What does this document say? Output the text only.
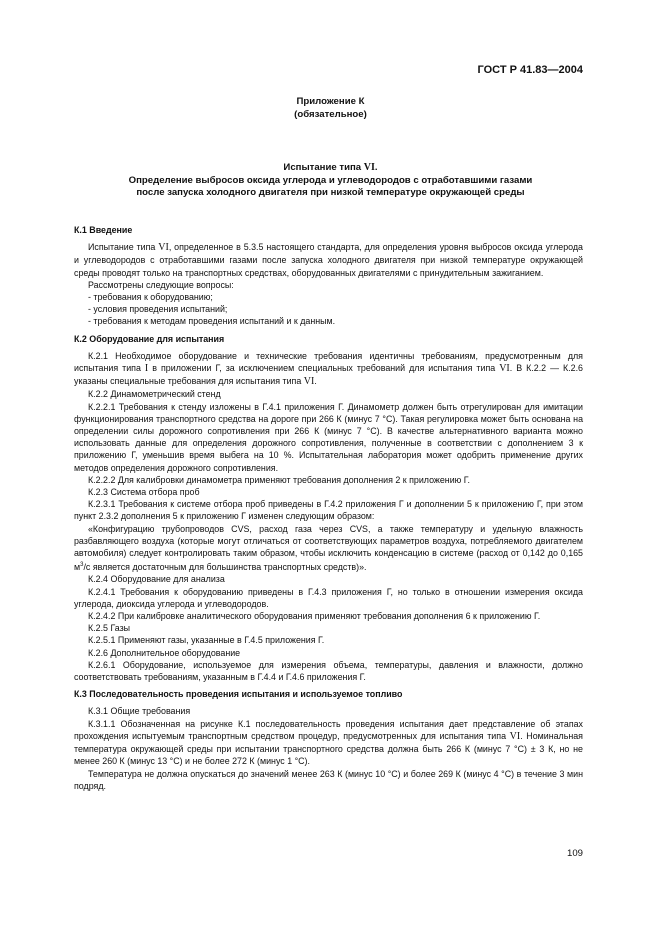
ГОСТ Р 41.83—2004
Приложение К
(обязательное)
Испытание типа VI.
Определение выбросов оксида углерода и углеводородов с отработавшими газами
после запуска холодного двигателя при низкой температуре окружающей среды

К.1 Введение

Испытание типа VI, определенное в 5.3.5 настоящего стандарта, для определения уровня выбросов оксида углерода и углеводородов с отработавшими газами после запуска холодного двигателя при низкой температуре окружающей среды проводят только на транспортных средствах, оборудованных двигателями с принудительным зажиганием.

Рассмотрены следующие вопросы:

- требования к оборудованию;

- условия проведения испытаний;

- требования к методам проведения испытаний и к данным.

К.2 Оборудование для испытания

К.2.1 Необходимое оборудование и технические требования идентичны требованиям, предусмотренным для испытания типа I в приложении Г, за исключением специальных требований для испытания типа VI. В К.2.2 — К.2.6 указаны специальные требования для испытания типа VI.

К.2.2 Динамометрический стенд

К.2.2.1 Требования к стенду изложены в Г.4.1 приложения Г. Динамометр должен быть отрегулирован для имитации функционирования транспортного средства на дороге при 266 К (минус 7 °С). Такая регулировка может быть основана на определении силы дорожного сопротивления при 266 К (минус 7 °С). В качестве альтернативного варианта можно использовать данные для определения дорожного сопротивления, полученные в соответствии с дополнением 3 к приложению Г, уменьшив время выбега на 10 %. Испытательная лаборатория может одобрить применение других методов определения дорожного сопротивления.

К.2.2.2 Для калибровки динамометра применяют требования дополнения 2 к приложению Г.

К.2.3 Система отбора проб

К.2.3.1 Требования к системе отбора проб приведены в Г.4.2 приложения Г и дополнении 5 к приложению Г, при этом пункт 2.3.2 дополнения 5 к приложению Г изменен следующим образом:

«Конфигурацию трубопроводов CVS, расход газа через CVS, а также температуру и удельную влажность разбавляющего воздуха (которые могут отличаться от соответствующих параметров воздуха, потребляемого двигателем автомобиля) следует контролировать таким образом, чтобы исключить конденсацию в системе (расход от 0,142 до 0,165 $м^3/с$ является достаточным для большинства транспортных средств)».

К.2.4 Оборудование для анализа

К.2.4.1 Требования к оборудованию приведены в Г.4.3 приложения Г, но только в отношении измерения оксида углерода, диоксида углерода и углеводородов.

К.2.4.2 При калибровке аналитического оборудования применяют требования дополнения 6 к приложению Г.

К.2.5 Газы

К.2.5.1 Применяют газы, указанные в Г.4.5 приложения Г.

К.2.6 Дополнительное оборудование

К.2.6.1 Оборудование, используемое для измерения объема, температуры, давления и влажности, должно соответствовать требованиям, указанным в Г.4.4 и Г.4.6 приложения Г.

К.3 Последовательность проведения испытания и используемое топливо

К.3.1 Общие требования

К.3.1.1 Обозначенная на рисунке К.1 последовательность проведения испытания дает представление об этапах прохождения испытуемым транспортным средством процедур, предусмотренных для испытания типа VI. Номинальная температура окружающей среды при испытании транспортного средства должна быть 266 К (минус 7 °С) ± 3 К, но не менее 260 К (минус 13 °С) и не более 272 К (минус 1 °С).

Температура не должна опускаться до значений менее 263 К (минус 10 °С) и более 269 К (минус 4 °С) в течение 3 мин подряд.

109
